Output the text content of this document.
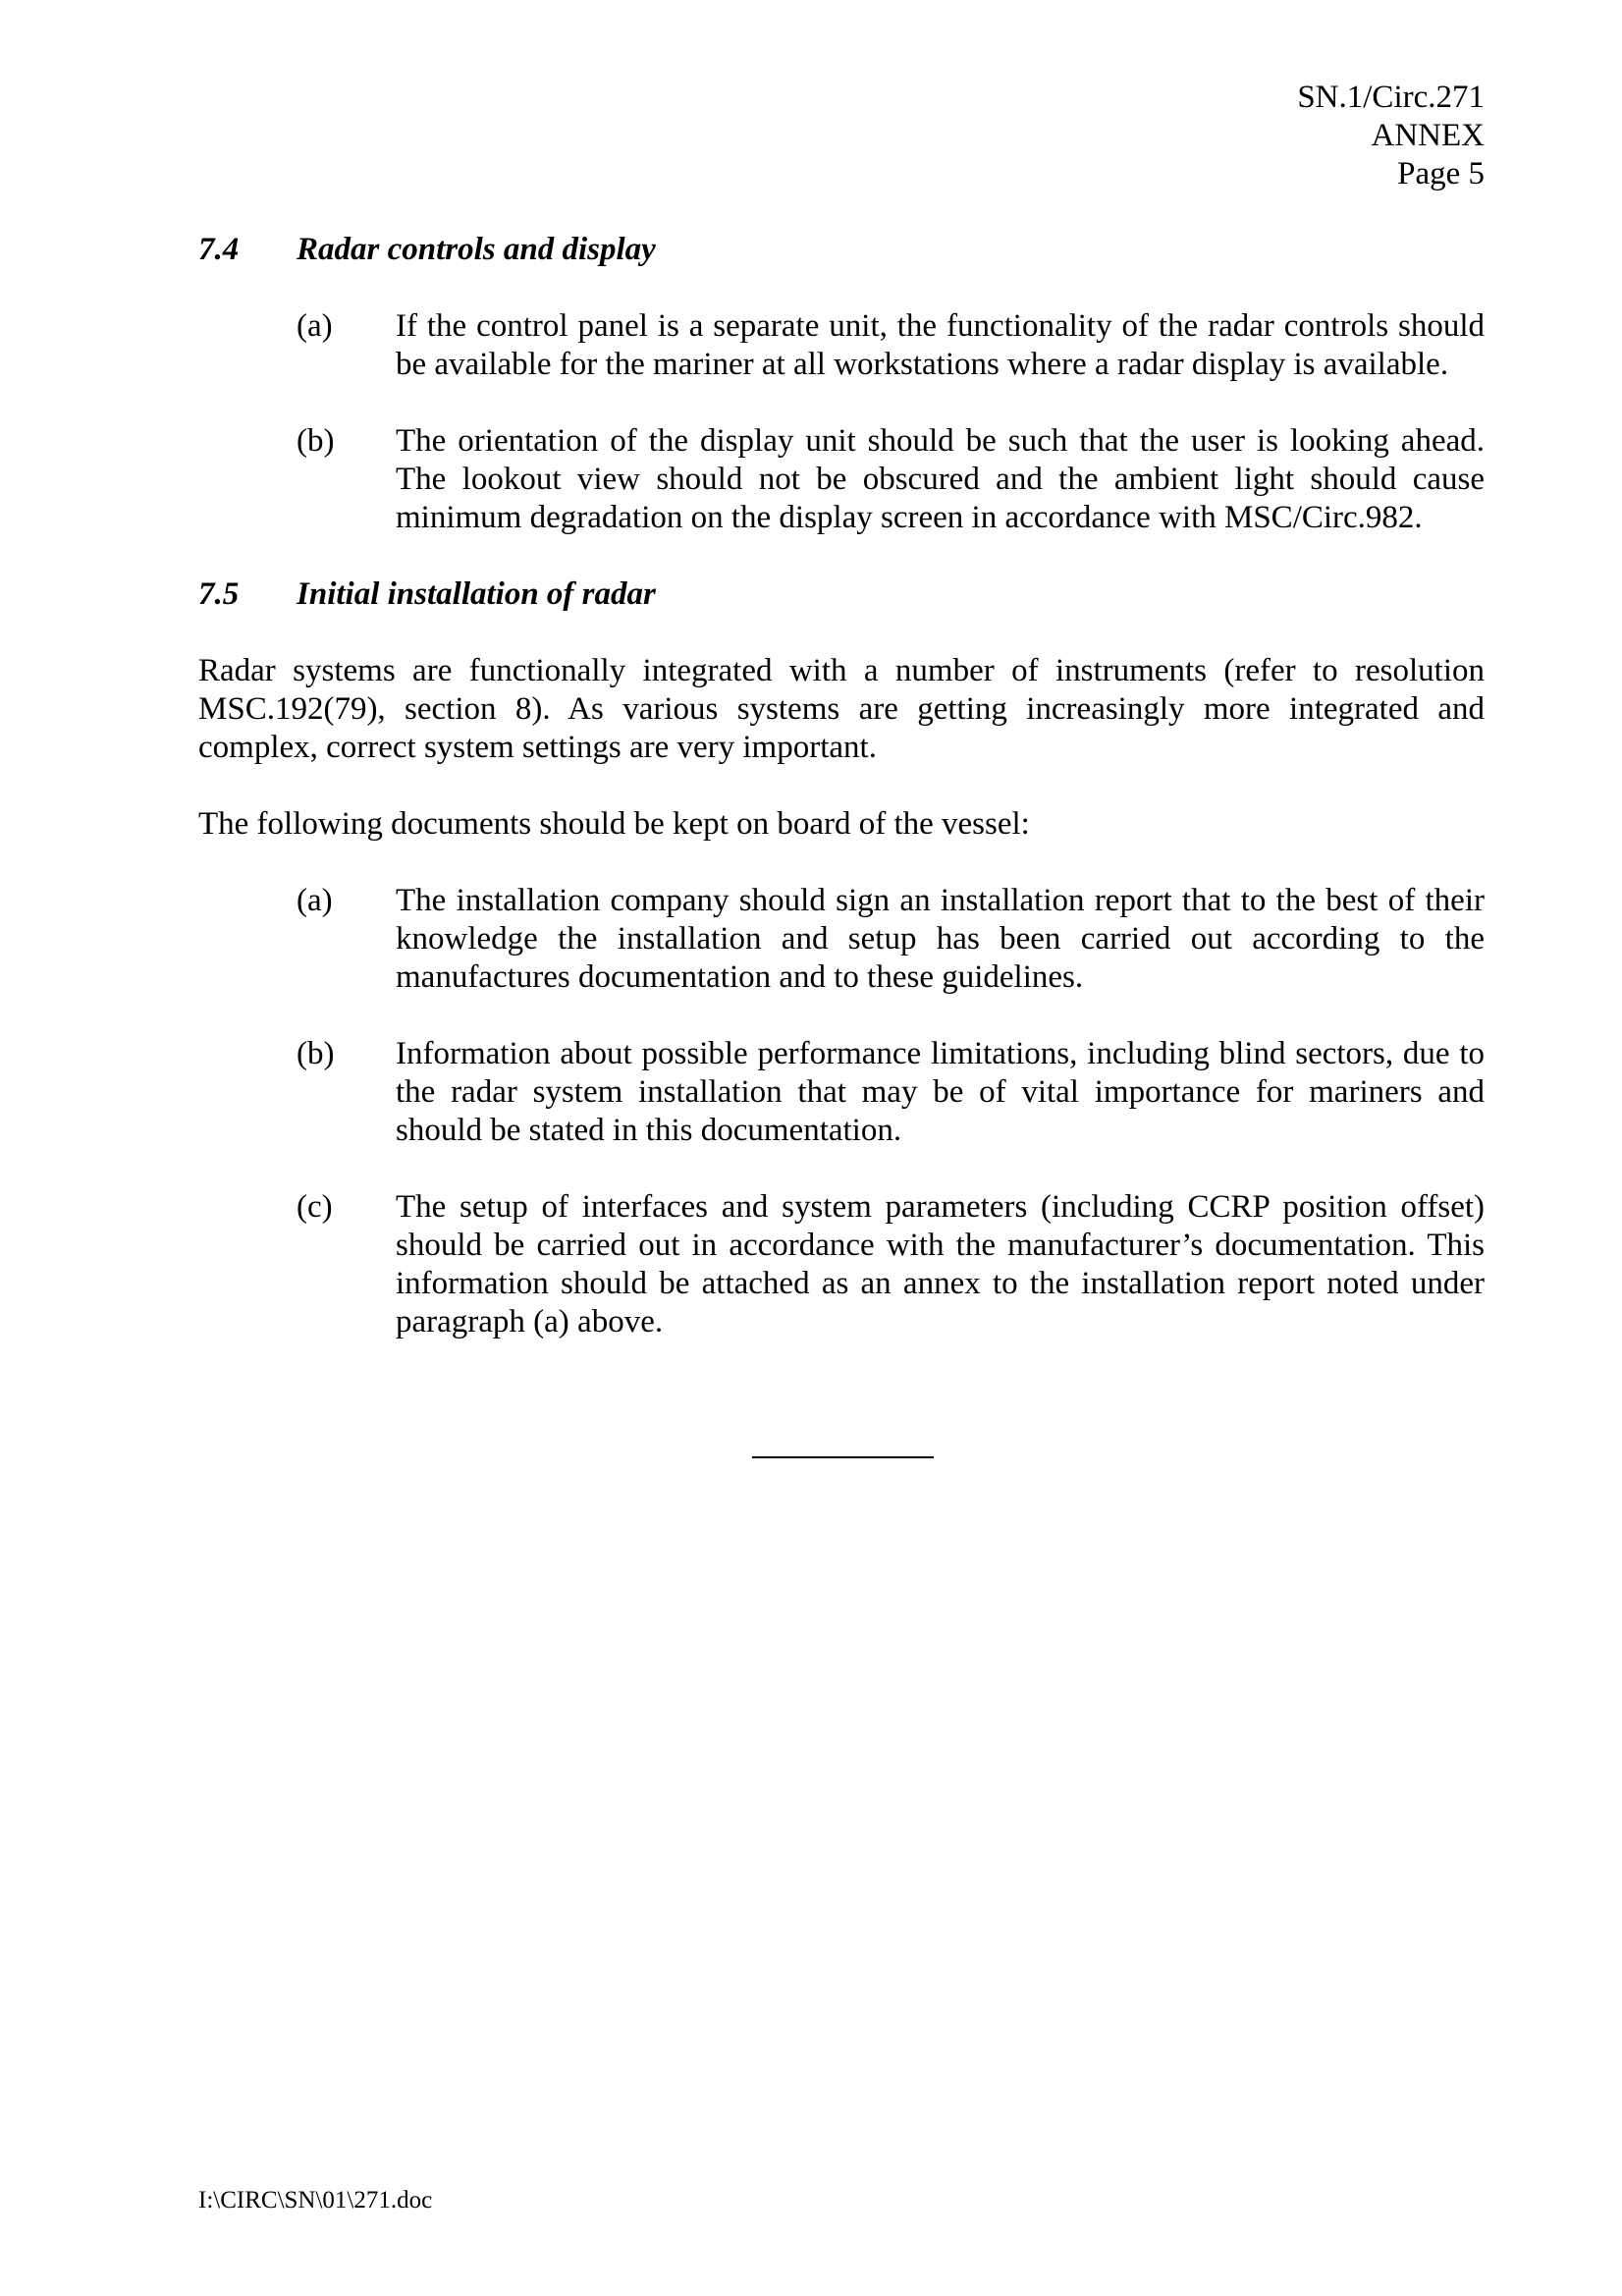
SN.1/Circ.271
ANNEX
Page 5
7.4	Radar controls and display
(a)	If the control panel is a separate unit, the functionality of the radar controls should be available for the mariner at all workstations where a radar display is available.
(b)	The orientation of the display unit should be such that the user is looking ahead. The lookout view should not be obscured and the ambient light should cause minimum degradation on the display screen in accordance with MSC/Circ.982.
7.5	Initial installation of radar

Radar systems are functionally integrated with a number of instruments (refer to resolution MSC.192(79), section 8). As various systems are getting increasingly more integrated and complex, correct system settings are very important.

The following documents should be kept on board of the vessel:

(a)	The installation company should sign an installation report that to the best of their knowledge the installation and setup has been carried out according to the manufactures documentation and to these guidelines.
(b)	Information about possible performance limitations, including blind sectors, due to the radar system installation that may be of vital importance for mariners and should be stated in this documentation.
(c)	The setup of interfaces and system parameters (including CCRP position offset) should be carried out in accordance with the manufacturer’s documentation. This information should be attached as an annex to the installation report noted under paragraph (a) above.
I:\CIRC\SN\01\271.doc
